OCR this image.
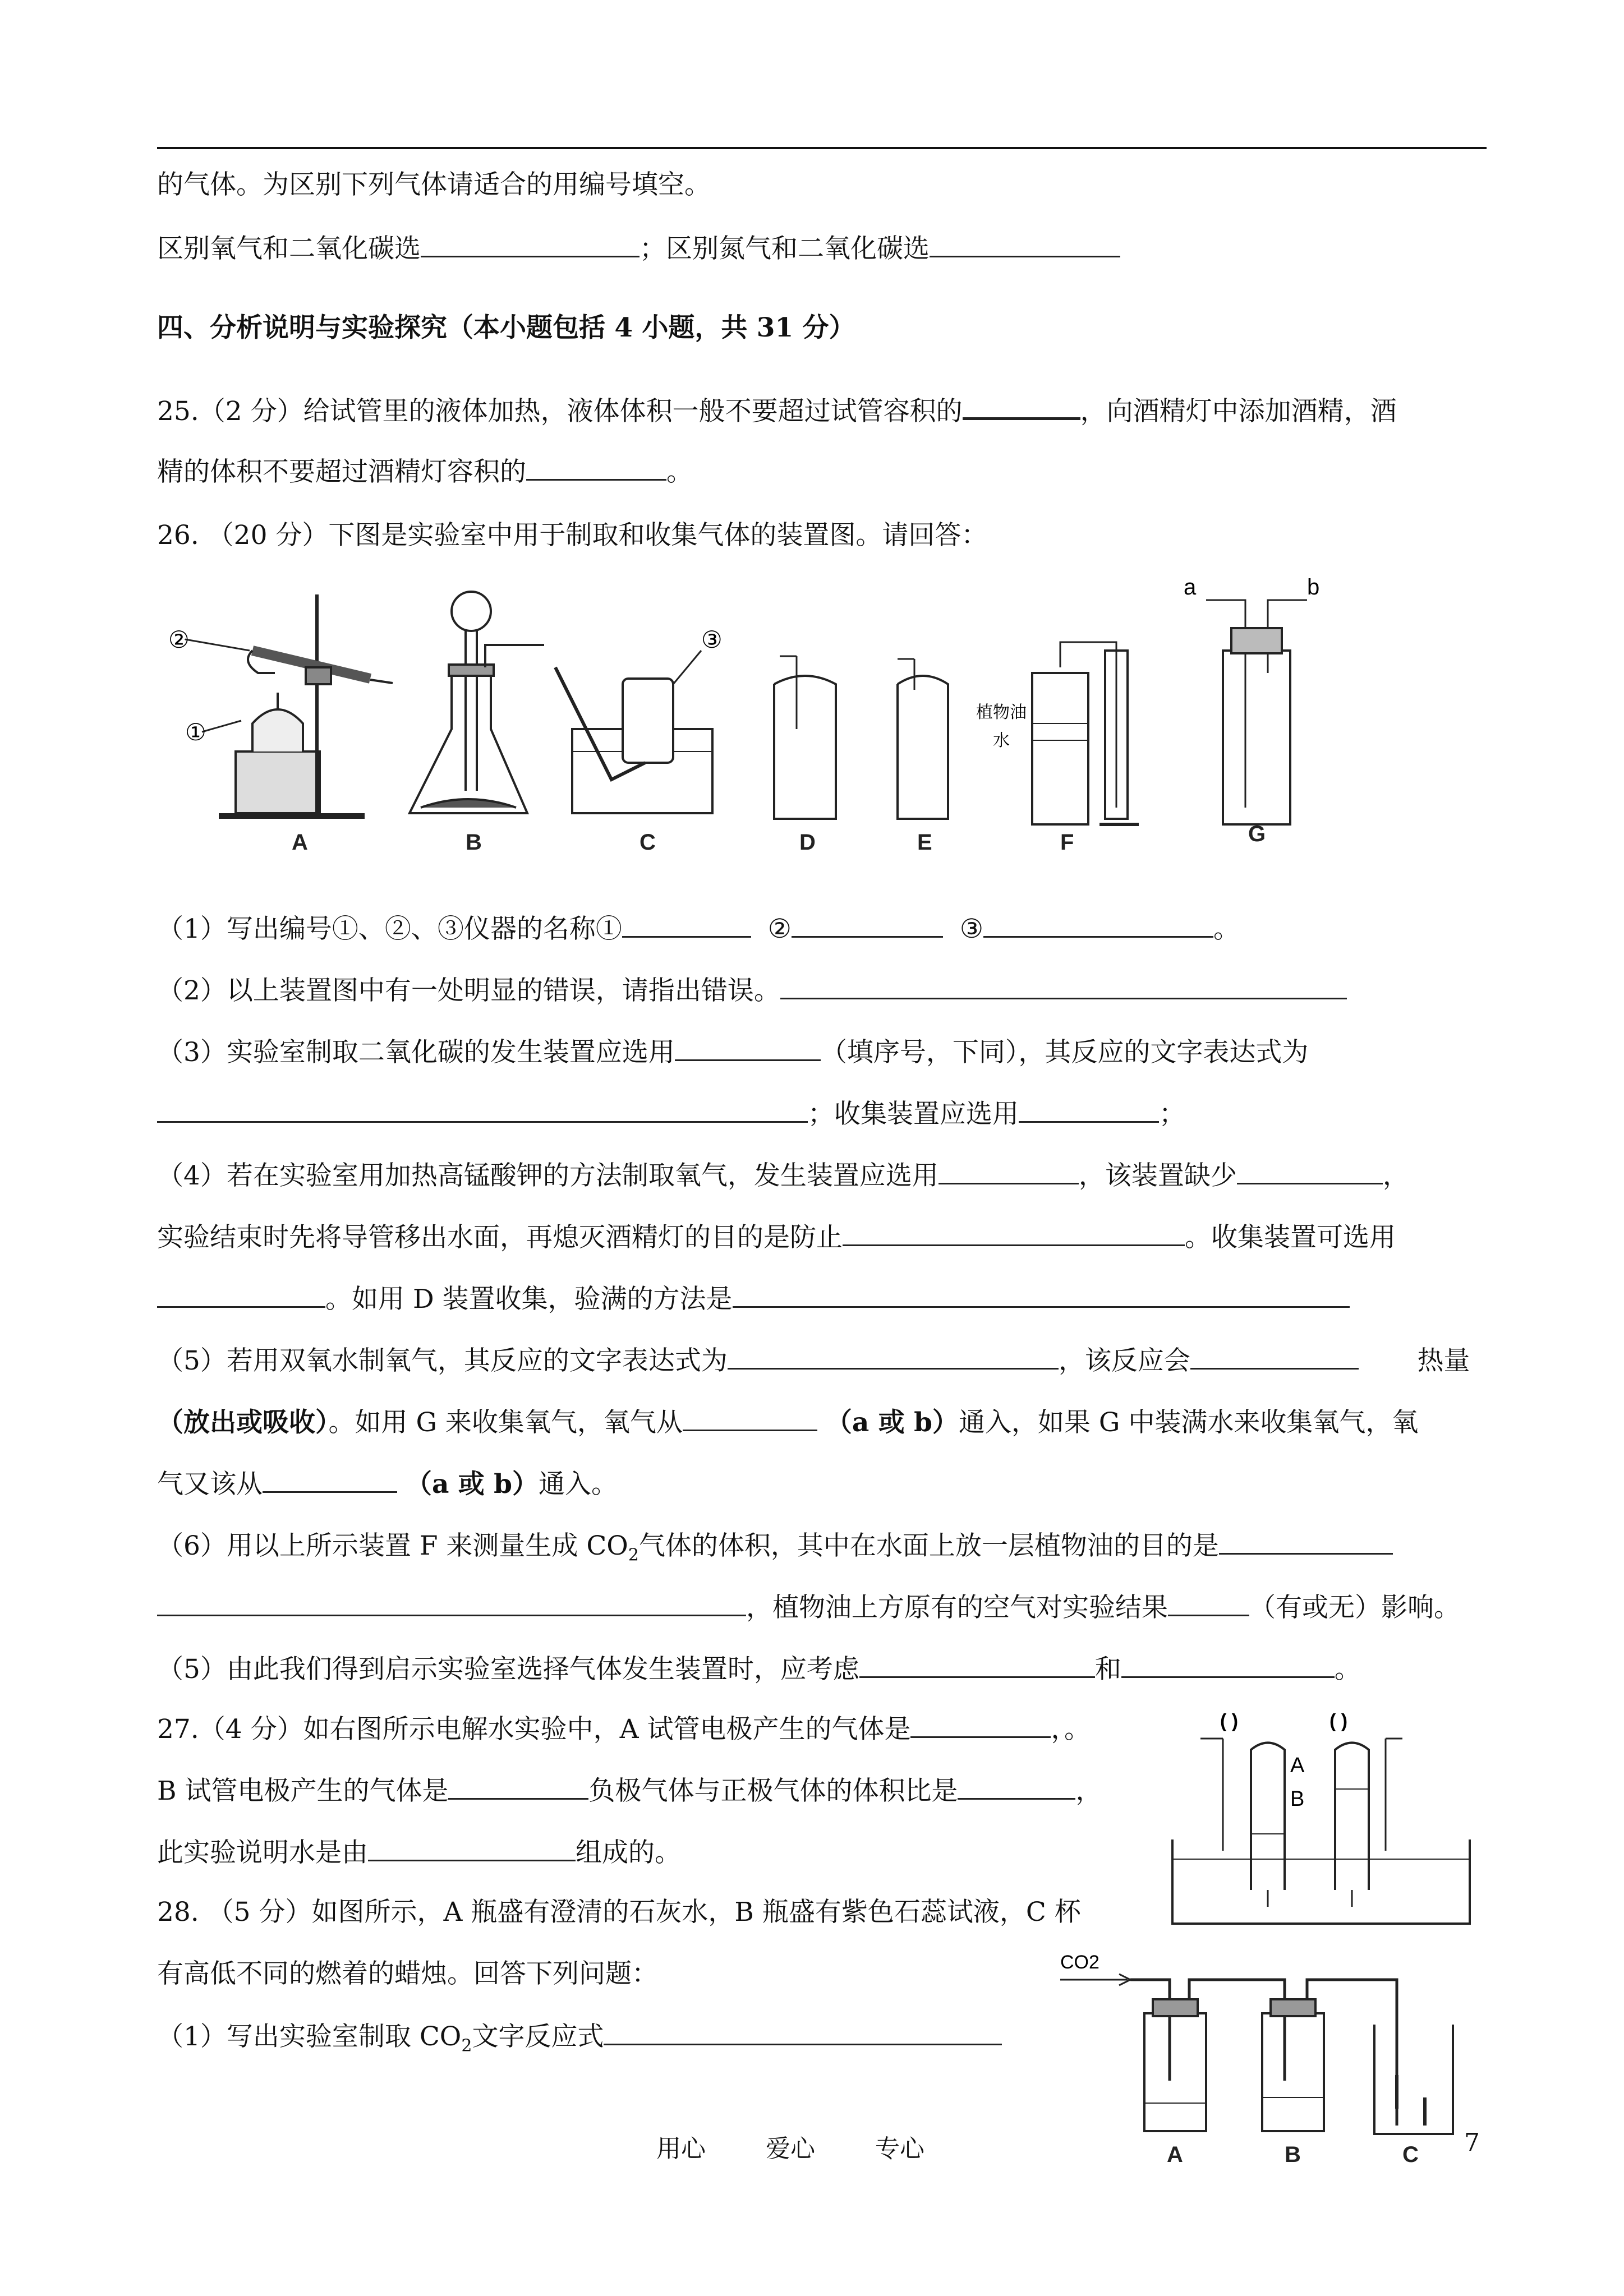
的气体。为区别下列气体请适合的用编号填空。
区别氧气和二氧化碳选	；区别氮气和二氧化碳选
四、分析说明与实验探究（本小题包括 4 小题，共 31 分）
25.（2 分）给试管里的液体加热，液体体积一般不要超过试管容积的	，向酒精灯中添加酒精，酒
精的体积不要超过酒精灯容积的	。
26. （20 分）下图是实验室中用于制取和收集气体的装置图。请回答：
②
①
③
a	b
植物油
水
A	B	C	D	E	F	G
（1）写出编号①、②、③仪器的名称①	②	③	。
（2）以上装置图中有一处明显的错误，请指出错误。
（3）实验室制取二氧化碳的发生装置应选用	（填序号，下同），其反应的文字表达式为
；收集装置应选用	；
（4）若在实验室用加热高锰酸钾的方法制取氧气，发生装置应选用	，该装置缺少	，
实验结束时先将导管移出水面，再熄灭酒精灯的目的是防止	。收集装置可选用
。如用 D 装置收集，验满的方法是
（5）若用双氧水制氧气，其反应的文字表达式为	，该反应会	热量
（放出或吸收）。如用 G 来收集氧气，氧气从	（a 或 b）通入，如果 G 中装满水来收集氧气，氧
气又该从	（a 或 b）通入。
（6）用以上所示装置 F 来测量生成 $CO_2$气体的体积，其中在水面上放一层植物油的目的是
，植物油上方原有的空气对实验结果	（有或无）影响。
（5）由此我们得到启示实验室选择气体发生装置时，应考虑	和	。
27.（4 分）如右图所示电解水实验中，A 试管电极产生的气体是	，。
B 试管电极产生的气体是	负极气体与正极气体的体积比是	，
此实验说明水是由	组成的。
( )	( )
A
B
28. （5 分）如图所示，A 瓶盛有澄清的石灰水，B 瓶盛有紫色石蕊试液，C 杯
有高低不同的燃着的蜡烛。回答下列问题：
（1）写出实验室制取 $CO_2$文字反应式
CO2
A	B	C
用心 爱心 专心	7
